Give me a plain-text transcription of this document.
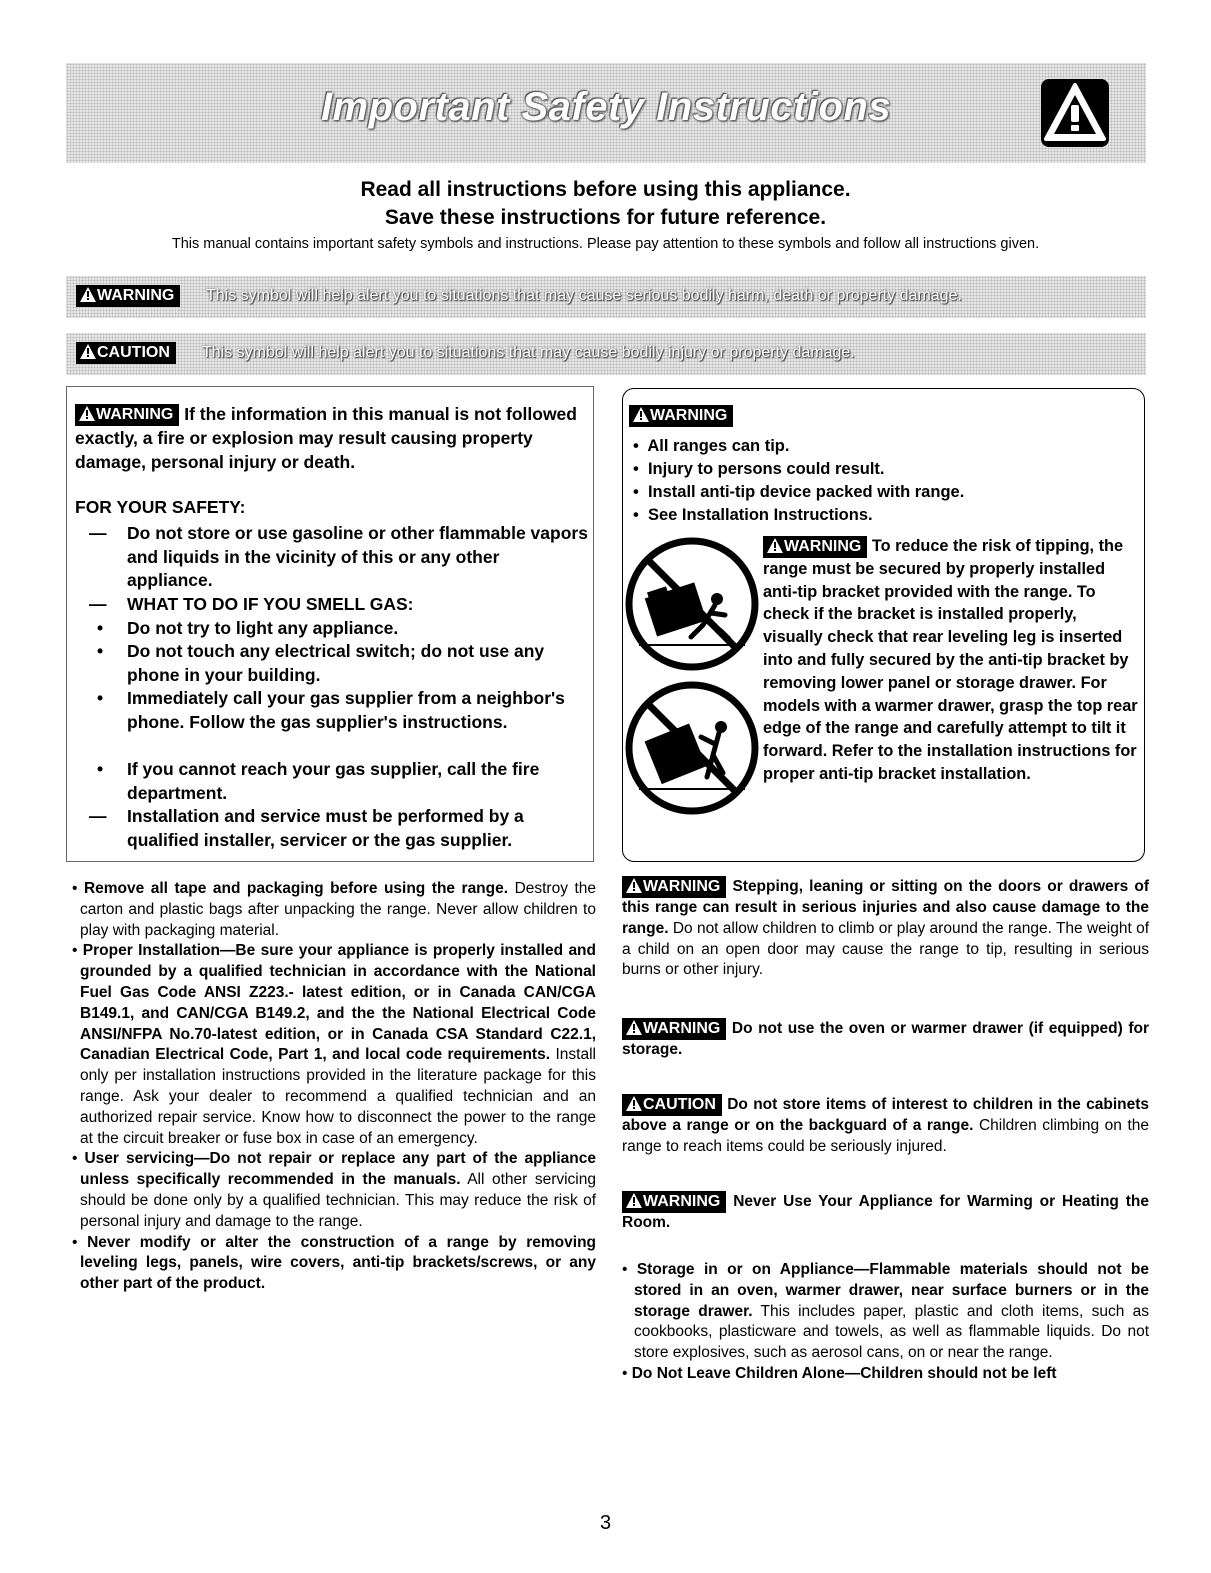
Important Safety Instructions
Read all instructions before using this appliance.
Save these instructions for future reference.
This manual contains important safety symbols and instructions. Please pay attention to these symbols and follow all instructions given.
WARNING	This symbol will help alert you to situations that may cause serious bodily harm, death or property damage.
CAUTION	This symbol will help alert you to situations that may cause bodily injury or property damage.
WARNING If the information in this manual is not followed exactly, a fire or explosion may result causing property damage, personal injury or death.
FOR YOUR SAFETY:
—	Do not store or use gasoline or other flammable vapors and liquids in the vicinity of this or any other appliance.
—	WHAT TO DO IF YOU SMELL GAS:
•	Do not try to light any appliance.
•	Do not touch any electrical switch; do not use any phone in your building.
•	Immediately call your gas supplier from a neighbor's phone. Follow the gas supplier's instructions.
•	If you cannot reach your gas supplier, call the fire department.
—	Installation and service must be performed by a qualified installer, servicer or the gas supplier.
WARNING
•  All ranges can tip.
•  Injury to persons could result.
•  Install anti-tip device packed with range.
•  See Installation Instructions.
WARNING To reduce the risk of tipping, the range must be secured by properly installed anti-tip bracket provided with the range. To check if the bracket is installed properly, visually check that rear leveling leg is inserted into and fully secured by the anti-tip bracket by removing lower panel or storage drawer. For models with a warmer drawer, grasp the top rear edge of the range and carefully attempt to tilt it forward. Refer to the installation instructions for proper anti-tip bracket installation.

• Remove all tape and packaging before using the range. Destroy the carton and plastic bags after unpacking the range. Never allow children to play with packaging material.

• Proper Installation—Be sure your appliance is properly installed and grounded by a qualified technician in accordance with the National Fuel Gas Code ANSI Z223.- latest edition, or in Canada CAN/CGA B149.1, and CAN/CGA B149.2, and the the National Electrical Code ANSI/NFPA No.70-latest edition, or in Canada CSA Standard C22.1, Canadian Electrical Code, Part 1, and local code requirements. Install only per installation instructions provided in the literature package for this range. Ask your dealer to recommend a qualified technician and an authorized repair service. Know how to disconnect the power to the range at the circuit breaker or fuse box in case of an emergency.

• User servicing—Do not repair or replace any part of the appliance unless specifically recommended in the manuals. All other servicing should be done only by a qualified technician. This may reduce the risk of personal injury and damage to the range.

• Never modify or alter the construction of a range by removing leveling legs, panels, wire covers, anti-tip brackets/screws, or any other part of the product.

WARNING Stepping, leaning or sitting on the doors or drawers of this range can result in serious injuries and also cause damage to the range. Do not allow children to climb or play around the range. The weight of a child on an open door may cause the range to tip, resulting in serious burns or other injury.
WARNING Do not use the oven or warmer drawer (if equipped) for storage.
CAUTION Do not store items of interest to children in the cabinets above a range or on the backguard of a range. Children climbing on the range to reach items could be seriously injured.
WARNING Never Use Your Appliance for Warming or Heating the Room.

• Storage in or on Appliance—Flammable materials should not be stored in an oven, warmer drawer, near surface burners or in the storage drawer. This includes paper, plastic and cloth items, such as cookbooks, plasticware and towels, as well as flammable liquids. Do not store explosives, such as aerosol cans, on or near the range.

• Do Not Leave Children Alone—Children should not be left

3
